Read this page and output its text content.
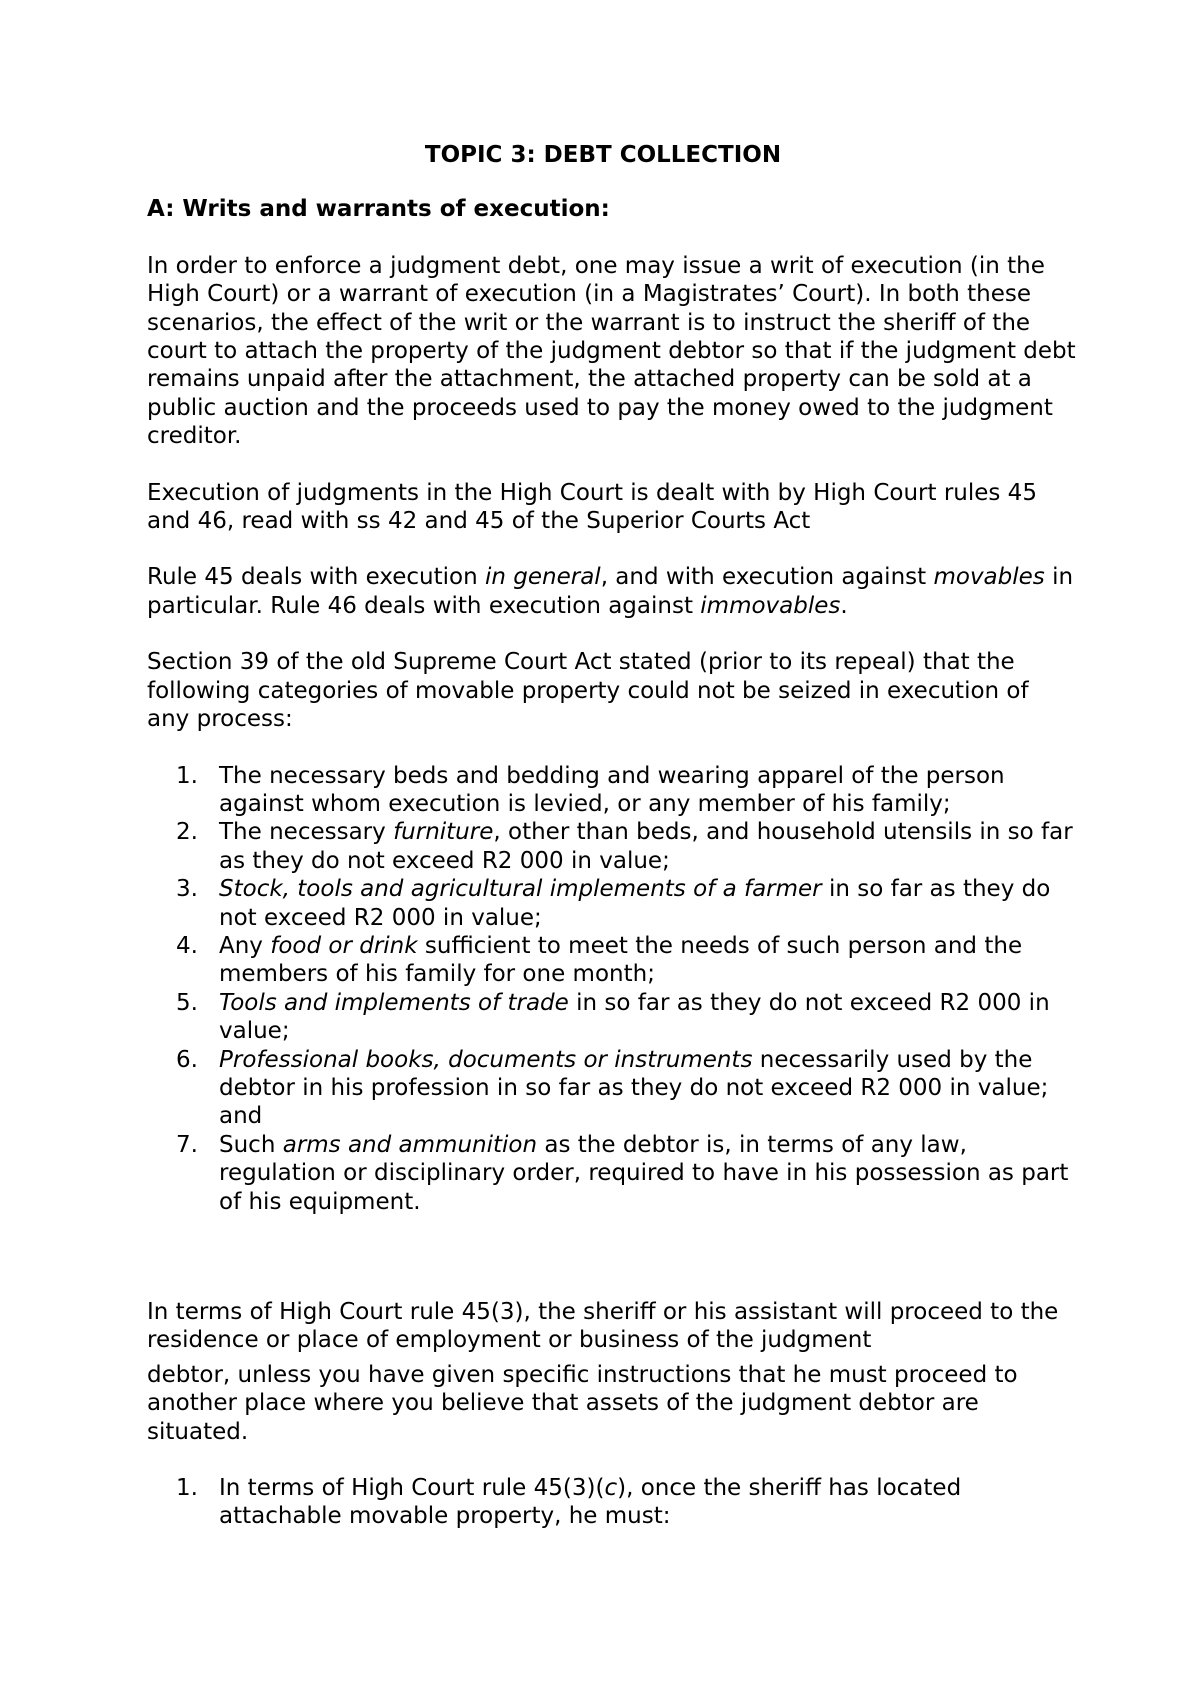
TOPIC 3: DEBT COLLECTION

A: Writs and warrants of execution:

In order to enforce a judgment debt, one may issue a writ of execution (in the High Court) or a warrant of execution (in a Magistrates’ Court). In both these scenarios, the effect of the writ or the warrant is to instruct the sheriff of the court to attach the property of the judgment debtor so that if the judgment debt remains unpaid after the attachment, the attached property can be sold at a public auction and the proceeds used to pay the money owed to the judgment creditor.

Execution of judgments in the High Court is dealt with by High Court rules 45 and 46, read with ss 42 and 45 of the Superior Courts Act

Rule 45 deals with execution in general, and with execution against movables in particular. Rule 46 deals with execution against immovables.

Section 39 of the old Supreme Court Act stated (prior to its repeal) that the following categories of movable property could not be seized in execution of any process:

1. The necessary beds and bedding and wearing apparel of the person against whom execution is levied, or any member of his family;
2. The necessary furniture, other than beds, and household utensils in so far as they do not exceed R2 000 in value;
3. Stock, tools and agricultural implements of a farmer in so far as they do not exceed R2 000 in value;
4. Any food or drink sufficient to meet the needs of such person and the members of his family for one month;
5. Tools and implements of trade in so far as they do not exceed R2 000 in value;
6. Professional books, documents or instruments necessarily used by the debtor in his profession in so far as they do not exceed R2 000 in value; and
7. Such arms and ammunition as the debtor is, in terms of any law, regulation or disciplinary order, required to have in his possession as part of his equipment.

In terms of High Court rule 45(3), the sheriff or his assistant will proceed to the residence or place of employment or business of the judgment

debtor, unless you have given specific instructions that he must proceed to another place where you believe that assets of the judgment debtor are situated.

1. In terms of High Court rule 45(3)(c), once the sheriff has located attachable movable property, he must:
